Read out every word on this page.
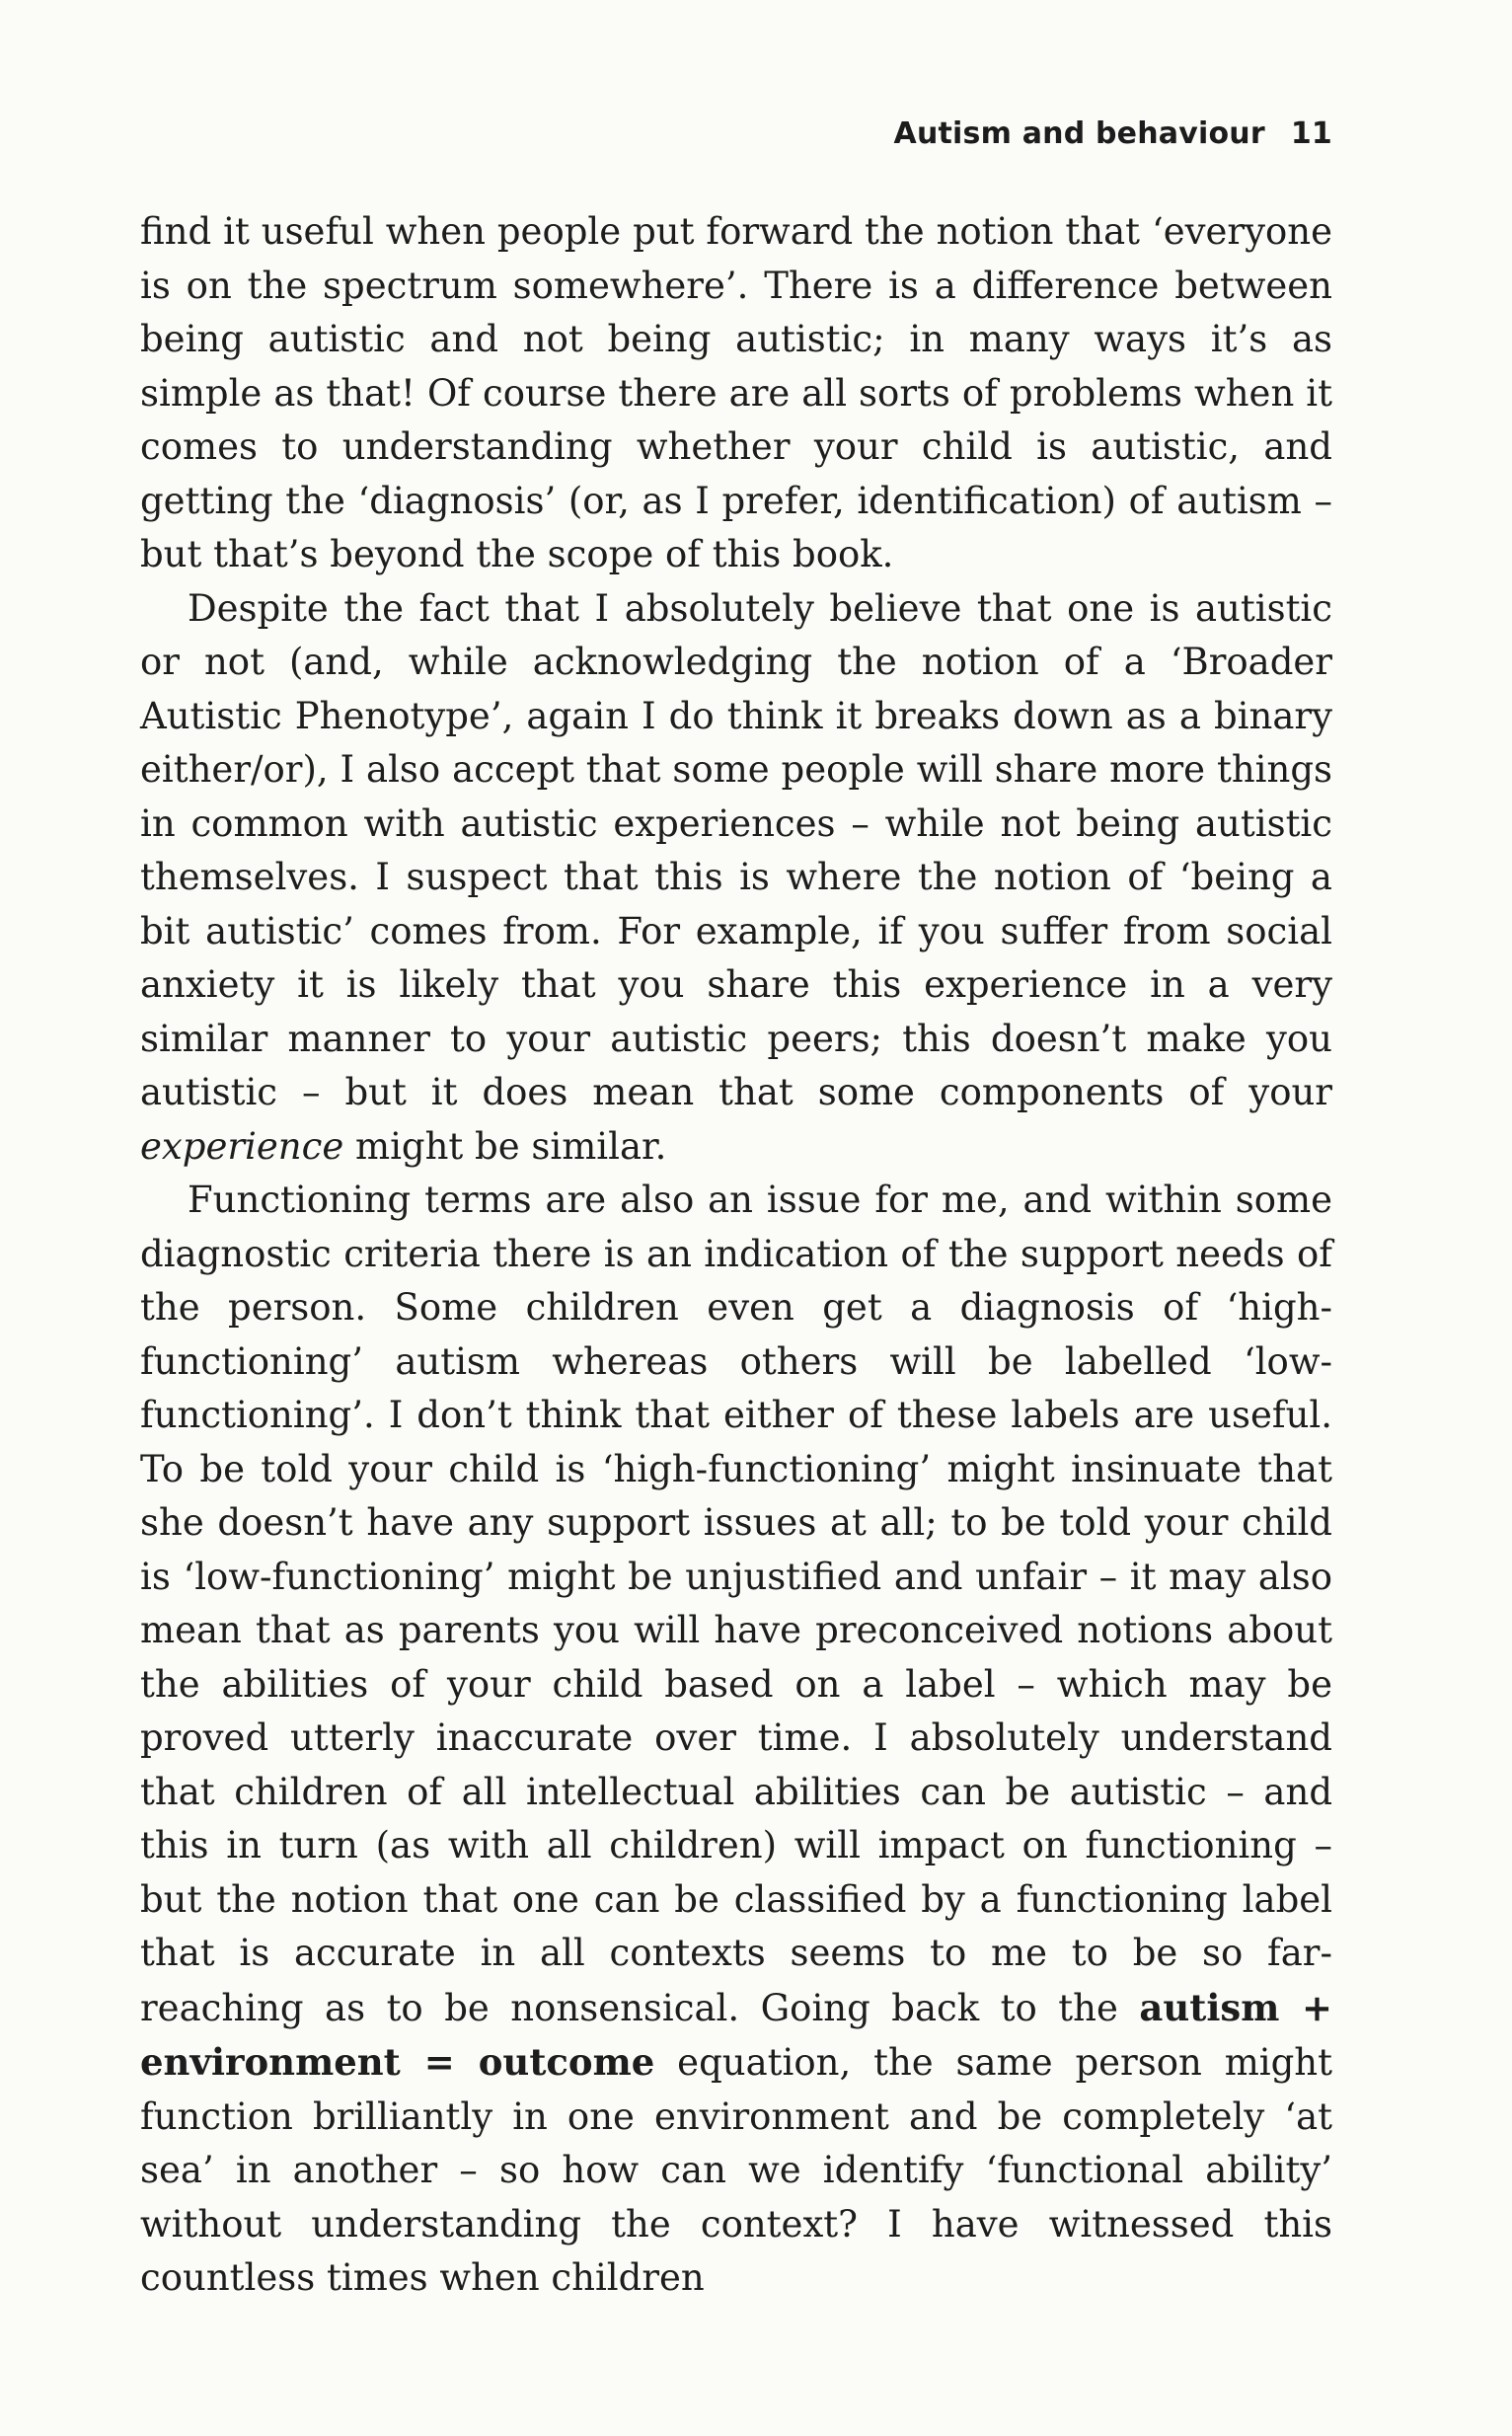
Autism and behaviour 11

find it useful when people put forward the notion that ‘everyone is on the spectrum somewhere’. There is a difference between being autistic and not being autistic; in many ways it’s as simple as that! Of course there are all sorts of problems when it comes to understanding whether your child is autistic, and getting the ‘diagnosis’ (or, as I prefer, identification) of autism – but that’s beyond the scope of this book.

Despite the fact that I absolutely believe that one is autistic or not (and, while acknowledging the notion of a ‘Broader Autistic Phenotype’, again I do think it breaks down as a binary either/or), I also accept that some people will share more things in common with autistic experiences – while not being autistic themselves. I suspect that this is where the notion of ‘being a bit autistic’ comes from. For example, if you suffer from social anxiety it is likely that you share this experience in a very similar manner to your autistic peers; this doesn’t make you autistic – but it does mean that some components of your experience might be similar.

Functioning terms are also an issue for me, and within some diagnostic criteria there is an indication of the support needs of the person. Some children even get a diagnosis of ‘high-functioning’ autism whereas others will be labelled ‘low-functioning’. I don’t think that either of these labels are useful. To be told your child is ‘high-functioning’ might insinuate that she doesn’t have any support issues at all; to be told your child is ‘low-functioning’ might be unjustified and unfair – it may also mean that as parents you will have preconceived notions about the abilities of your child based on a label – which may be proved utterly inaccurate over time. I absolutely understand that children of all intellectual abilities can be autistic – and this in turn (as with all children) will impact on functioning – but the notion that one can be classified by a functioning label that is accurate in all contexts seems to me to be so far-reaching as to be nonsensical. Going back to the autism + environment = outcome equation, the same person might function brilliantly in one environment and be completely ‘at sea’ in another – so how can we identify ‘functional ability’ without understanding the context? I have witnessed this countless times when children
